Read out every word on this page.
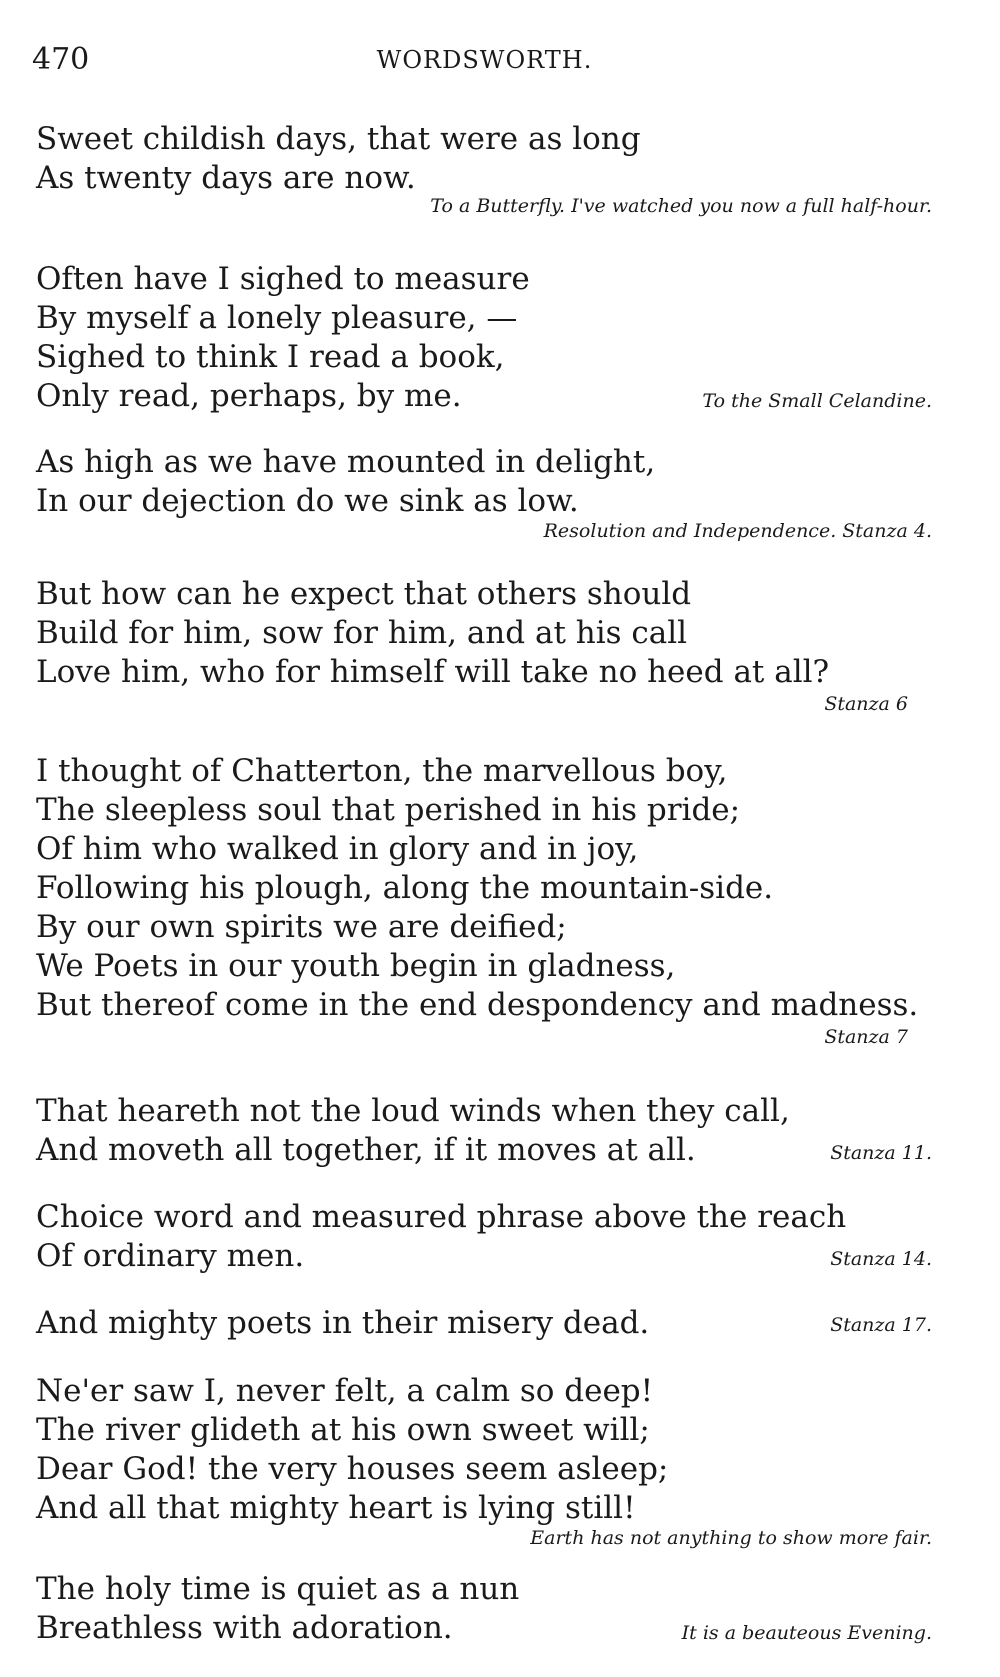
470	WORDSWORTH.
Sweet childish days, that were as long
As twenty days are now.
To a Butterfly. I've watched you now a full half-hour.
Often have I sighed to measure
By myself a lonely pleasure, —
Sighed to think I read a book,
Only read, perhaps, by me.	To the Small Celandine.
As high as we have mounted in delight,
In our dejection do we sink as low.
Resolution and Independence. Stanza 4.
But how can he expect that others should
Build for him, sow for him, and at his call
Love him, who for himself will take no heed at all?
Stanza 6
I thought of Chatterton, the marvellous boy,
The sleepless soul that perished in his pride;
Of him who walked in glory and in joy,
Following his plough, along the mountain-side.
By our own spirits we are deified;
We Poets in our youth begin in gladness,
But thereof come in the end despondency and madness.
Stanza 7
That heareth not the loud winds when they call,
And moveth all together, if it moves at all.	Stanza 11.
Choice word and measured phrase above the reach
Of ordinary men.	Stanza 14.
And mighty poets in their misery dead.	Stanza 17.
Ne'er saw I, never felt, a calm so deep!
The river glideth at his own sweet will;
Dear God! the very houses seem asleep;
And all that mighty heart is lying still!
Earth has not anything to show more fair.
The holy time is quiet as a nun
Breathless with adoration.	It is a beauteous Evening.
